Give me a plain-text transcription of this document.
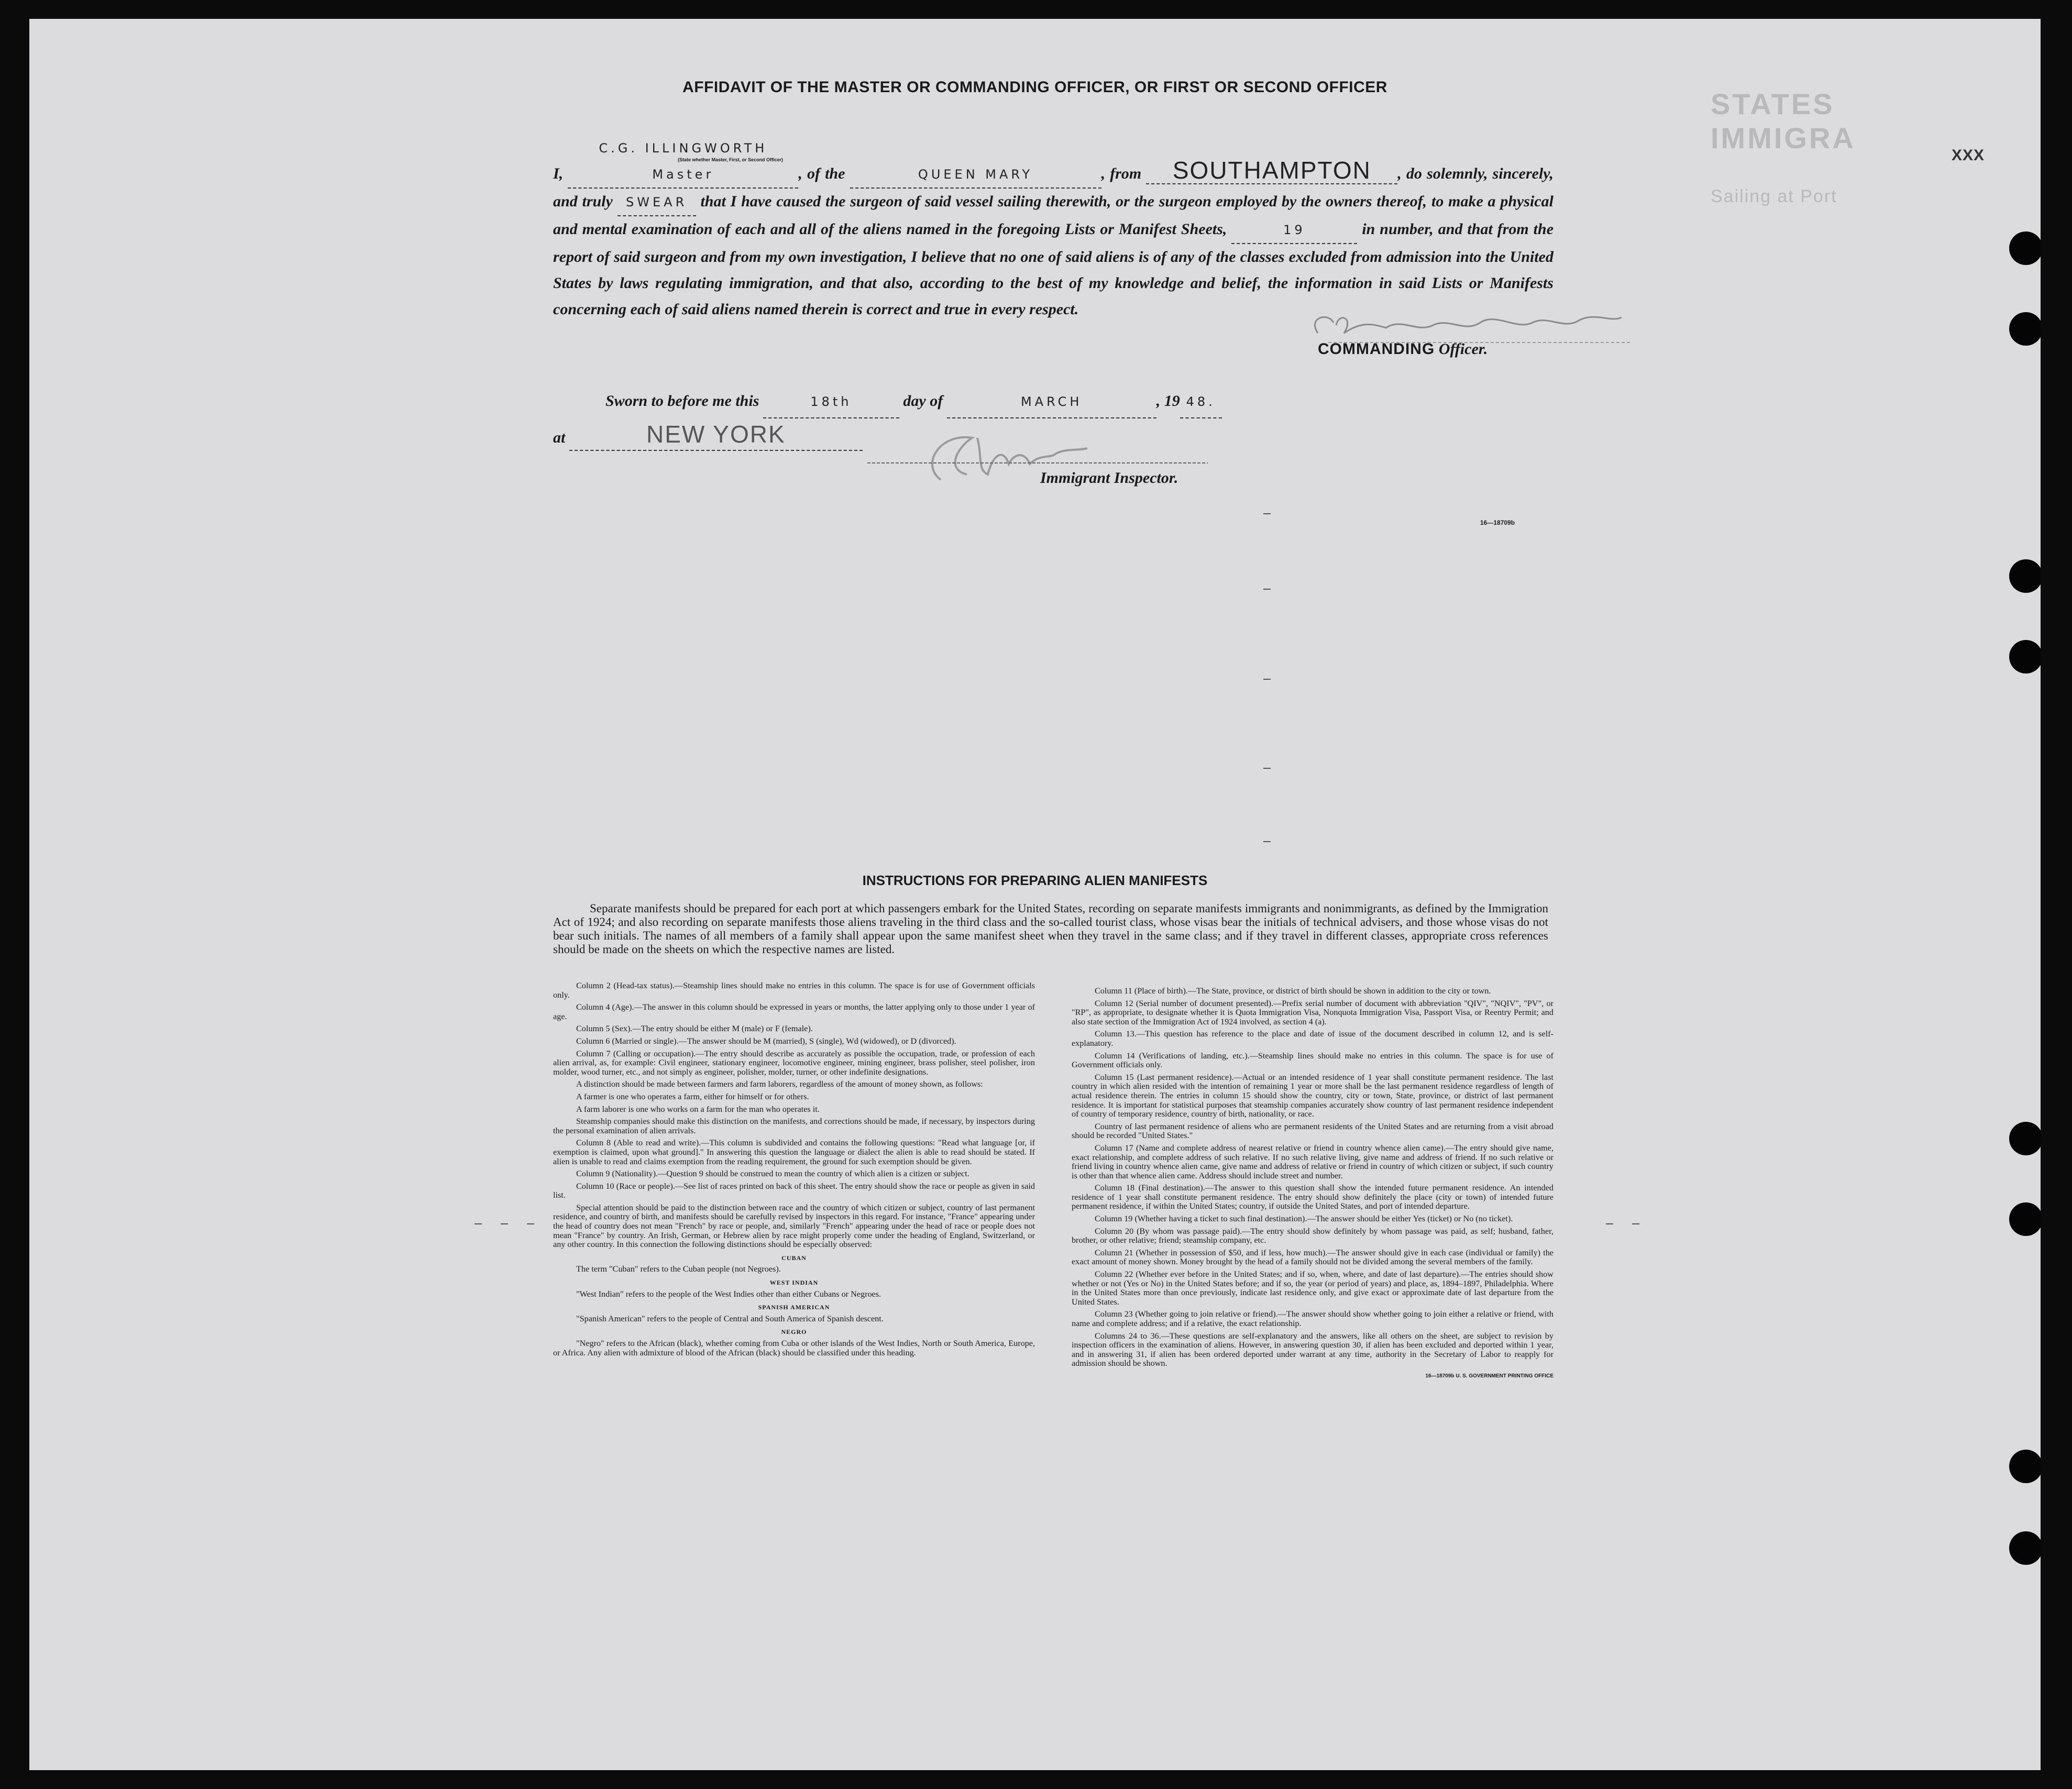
STATES IMMIGRA
Sailing at Port
XXX
AFFIDAVIT OF THE MASTER OR COMMANDING OFFICER, OR FIRST OR SECOND OFFICER

I, C.G. ILLINGWORTH Master	, of the	QUEEN MARY	, from SOUTHAMPTON , do solemnly, sincerely, and truly SWEAR that I have caused the surgeon of said vessel sailing therewith, or the surgeon employed by the owners thereof, to make a physical and mental examination of each and all of the aliens named in the foregoing Lists or Manifest Sheets,	19	in number, and that from the report of said surgeon and from my own investigation, I believe that no one of said aliens is of any of the classes excluded from admission into the United States by laws regulating immigration, and that also, according to the best of my knowledge and belief, the information in said Lists or Manifests concerning each of said aliens named therein is correct and true in every respect.

(State whether Master, First, or Second Officer)
COMMANDING Officer.
Sworn to before me this	18th	day of	MARCH	, 19 48.
at	NEW YORK
Immigrant Inspector.
16—18709b
INSTRUCTIONS FOR PREPARING ALIEN MANIFESTS

Separate manifests should be prepared for each port at which passengers embark for the United States, recording on separate manifests immigrants and nonimmigrants, as defined by the Immigration Act of 1924; and also recording on separate manifests those aliens traveling in the third class and the so-called tourist class, whose visas bear the initials of technical advisers, and those whose visas do not bear such initials. The names of all members of a family shall appear upon the same manifest sheet when they travel in the same class; and if they travel in different classes, appropriate cross references should be made on the sheets on which the respective names are listed.

Column 2 (Head-tax status).—Steamship lines should make no entries in this column. The space is for use of Government officials only.

Column 4 (Age).—The answer in this column should be expressed in years or months, the latter applying only to those under 1 year of age.

Column 5 (Sex).—The entry should be either M (male) or F (female).

Column 6 (Married or single).—The answer should be M (married), S (single), Wd (widowed), or D (divorced).

Column 7 (Calling or occupation).—The entry should describe as accurately as possible the occupation, trade, or profession of each alien arrival, as, for example: Civil engineer, stationary engineer, locomotive engineer, mining engineer, brass polisher, steel polisher, iron molder, wood turner, etc., and not simply as engineer, polisher, molder, turner, or other indefinite designations.

A distinction should be made between farmers and farm laborers, regardless of the amount of money shown, as follows:

A farmer is one who operates a farm, either for himself or for others.

A farm laborer is one who works on a farm for the man who operates it.

Steamship companies should make this distinction on the manifests, and corrections should be made, if necessary, by inspectors during the personal examination of alien arrivals.

Column 8 (Able to read and write).—This column is subdivided and contains the following questions: "Read what language [or, if exemption is claimed, upon what ground]." In answering this question the language or dialect the alien is able to read should be stated. If alien is unable to read and claims exemption from the reading requirement, the ground for such exemption should be given.

Column 9 (Nationality).—Question 9 should be construed to mean the country of which alien is a citizen or subject.

Column 10 (Race or people).—See list of races printed on back of this sheet. The entry should show the race or people as given in said list.

Special attention should be paid to the distinction between race and the country of which citizen or subject, country of last permanent residence, and country of birth, and manifests should be carefully revised by inspectors in this regard. For instance, "France" appearing under the head of country does not mean "French" by race or people, and, similarly "French" appearing under the head of race or people does not mean "France" by country. An Irish, German, or Hebrew alien by race might properly come under the heading of England, Switzerland, or any other country. In this connection the following distinctions should be especially observed:

CUBAN

The term "Cuban" refers to the Cuban people (not Negroes).

WEST INDIAN

"West Indian" refers to the people of the West Indies other than either Cubans or Negroes.

SPANISH AMERICAN

"Spanish American" refers to the people of Central and South America of Spanish descent.

NEGRO

"Negro" refers to the African (black), whether coming from Cuba or other islands of the West Indies, North or South America, Europe, or Africa. Any alien with admixture of blood of the African (black) should be classified under this heading.

Column 11 (Place of birth).—The State, province, or district of birth should be shown in addition to the city or town.

Column 12 (Serial number of document presented).—Prefix serial number of document with abbreviation "QIV", "NQIV", "PV", or "RP", as appropriate, to designate whether it is Quota Immigration Visa, Nonquota Immigration Visa, Passport Visa, or Reentry Permit; and also state section of the Immigration Act of 1924 involved, as section 4 (a).

Column 13.—This question has reference to the place and date of issue of the document described in column 12, and is self-explanatory.

Column 14 (Verifications of landing, etc.).—Steamship lines should make no entries in this column. The space is for use of Government officials only.

Column 15 (Last permanent residence).—Actual or an intended residence of 1 year shall constitute permanent residence. The last country in which alien resided with the intention of remaining 1 year or more shall be the last permanent residence regardless of length of actual residence therein. The entries in column 15 should show the country, city or town, State, province, or district of last permanent residence. It is important for statistical purposes that steamship companies accurately show country of last permanent residence independent of country of temporary residence, country of birth, nationality, or race.

Country of last permanent residence of aliens who are permanent residents of the United States and are returning from a visit abroad should be recorded "United States."

Column 17 (Name and complete address of nearest relative or friend in country whence alien came).—The entry should give name, exact relationship, and complete address of such relative. If no such relative living, give name and address of friend. If no such relative or friend living in country whence alien came, give name and address of relative or friend in country of which citizen or subject, if such country is other than that whence alien came. Address should include street and number.

Column 18 (Final destination).—The answer to this question shall show the intended future permanent residence. An intended residence of 1 year shall constitute permanent residence. The entry should show definitely the place (city or town) of intended future permanent residence, if within the United States; country, if outside the United States, and port of intended departure.

Column 19 (Whether having a ticket to such final destination).—The answer should be either Yes (ticket) or No (no ticket).

Column 20 (By whom was passage paid).—The entry should show definitely by whom passage was paid, as self; husband, father, brother, or other relative; friend; steamship company, etc.

Column 21 (Whether in possession of $50, and if less, how much).—The answer should give in each case (individual or family) the exact amount of money shown. Money brought by the head of a family should not be divided among the several members of the family.

Column 22 (Whether ever before in the United States; and if so, when, where, and date of last departure).—The entries should show whether or not (Yes or No) in the United States before; and if so, the year (or period of years) and place, as, 1894–1897, Philadelphia. Where in the United States more than once previously, indicate last residence only, and give exact or approximate date of last departure from the United States.

Column 23 (Whether going to join relative or friend).—The answer should show whether going to join either a relative or friend, with name and complete address; and if a relative, the exact relationship.

Columns 24 to 36.—These questions are self-explanatory and the answers, like all others on the sheet, are subject to revision by inspection officers in the examination of aliens. However, in answering question 30, if alien has been excluded and deported within 1 year, and in answering 31, if alien has been ordered deported under warrant at any time, authority in the Secretary of Labor to reapply for admission should be shown.

16—18709b U. S. GOVERNMENT PRINTING OFFICE
